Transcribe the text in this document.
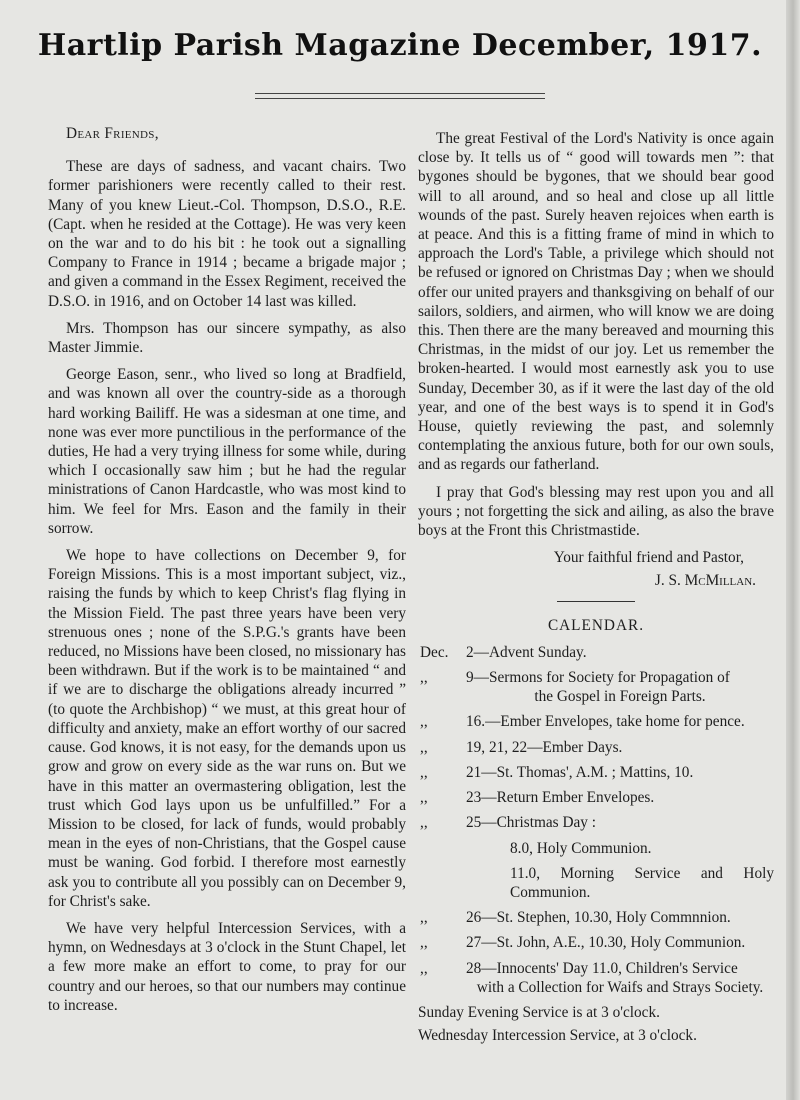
Hartlip Parish Magazine December, 1917.
Dear Friends,

These are days of sadness, and vacant chairs. Two former parishioners were recently called to their rest. Many of you knew Lieut.-Col. Thompson, D.S.O., R.E. (Capt. when he resided at the Cottage). He was very keen on the war and to do his bit : he took out a signalling Company to France in 1914 ; became a brigade major ; and given a command in the Essex Regiment, received the D.S.O. in 1916, and on October 14 last was killed.

Mrs. Thompson has our sincere sympathy, as also Master Jimmie.

George Eason, senr., who lived so long at Bradfield, and was known all over the country-side as a thorough hard working Bailiff. He was a sidesman at one time, and none was ever more punctilious in the performance of the duties, He had a very trying illness for some while, during which I occasionally saw him ; but he had the regular ministrations of Canon Hardcastle, who was most kind to him. We feel for Mrs. Eason and the family in their sorrow.

We hope to have collections on December 9, for Foreign Missions. This is a most important subject, viz., raising the funds by which to keep Christ's flag flying in the Mission Field. The past three years have been very strenuous ones ; none of the S.P.G.'s grants have been reduced, no Missions have been closed, no missionary has been withdrawn. But if the work is to be maintained “ and if we are to discharge the obligations already incurred ” (to quote the Archbishop) “ we must, at this great hour of difficulty and anxiety, make an effort worthy of our sacred cause. God knows, it is not easy, for the demands upon us grow and grow on every side as the war runs on. But we have in this matter an overmastering obligation, lest the trust which God lays upon us be unfulfilled.” For a Mission to be closed, for lack of funds, would probably mean in the eyes of non-Christians, that the Gospel cause must be waning. God forbid. I therefore most earnestly ask you to contribute all you possibly can on December 9, for Christ's sake.

We have very helpful Intercession Services, with a hymn, on Wednesdays at 3 o'clock in the Stunt Chapel, let a few more make an effort to come, to pray for our country and our heroes, so that our numbers may continue to increase.

The great Festival of the Lord's Nativity is once again close by. It tells us of “ good will towards men ”: that bygones should be bygones, that we should bear good will to all around, and so heal and close up all little wounds of the past. Surely heaven rejoices when earth is at peace. And this is a fitting frame of mind in which to approach the Lord's Table, a privilege which should not be refused or ignored on Christmas Day ; when we should offer our united prayers and thanksgiving on behalf of our sailors, soldiers, and airmen, who will know we are doing this. Then there are the many bereaved and mourning this Christmas, in the midst of our joy. Let us remember the broken-hearted. I would most earnestly ask you to use Sunday, December 30, as if it were the last day of the old year, and one of the best ways is to spend it in God's House, quietly reviewing the past, and solemnly contemplating the anxious future, both for our own souls, and as regards our fatherland.

I pray that God's blessing may rest upon you and all yours ; not forgetting the sick and ailing, as also the brave boys at the Front this Christmastide.

Your faithful friend and Pastor,
J. S. McMillan.
CALENDAR.
Dec.	2—Advent Sunday.
,,	9—Sermons for Society for Propagation of
the Gospel in Foreign Parts.
,,	16.—Ember Envelopes, take home for pence.
,,	19, 21, 22—Ember Days.
,,	21—St. Thomas', A.M. ; Mattins, 10.
,,	23—Return Ember Envelopes.
,,	25—Christmas Day :
8.0, Holy Communion.
11.0, Morning Service and Holy Communion.
,,	26—St. Stephen, 10.30, Holy Commnnion.
,,	27—St. John, A.E., 10.30, Holy Communion.
,,	28—Innocents' Day 11.0, Children's Service
with a Collection for Waifs and Strays Society.
Sunday Evening Service is at 3 o'clock.
Wednesday Intercession Service, at 3 o'clock.
